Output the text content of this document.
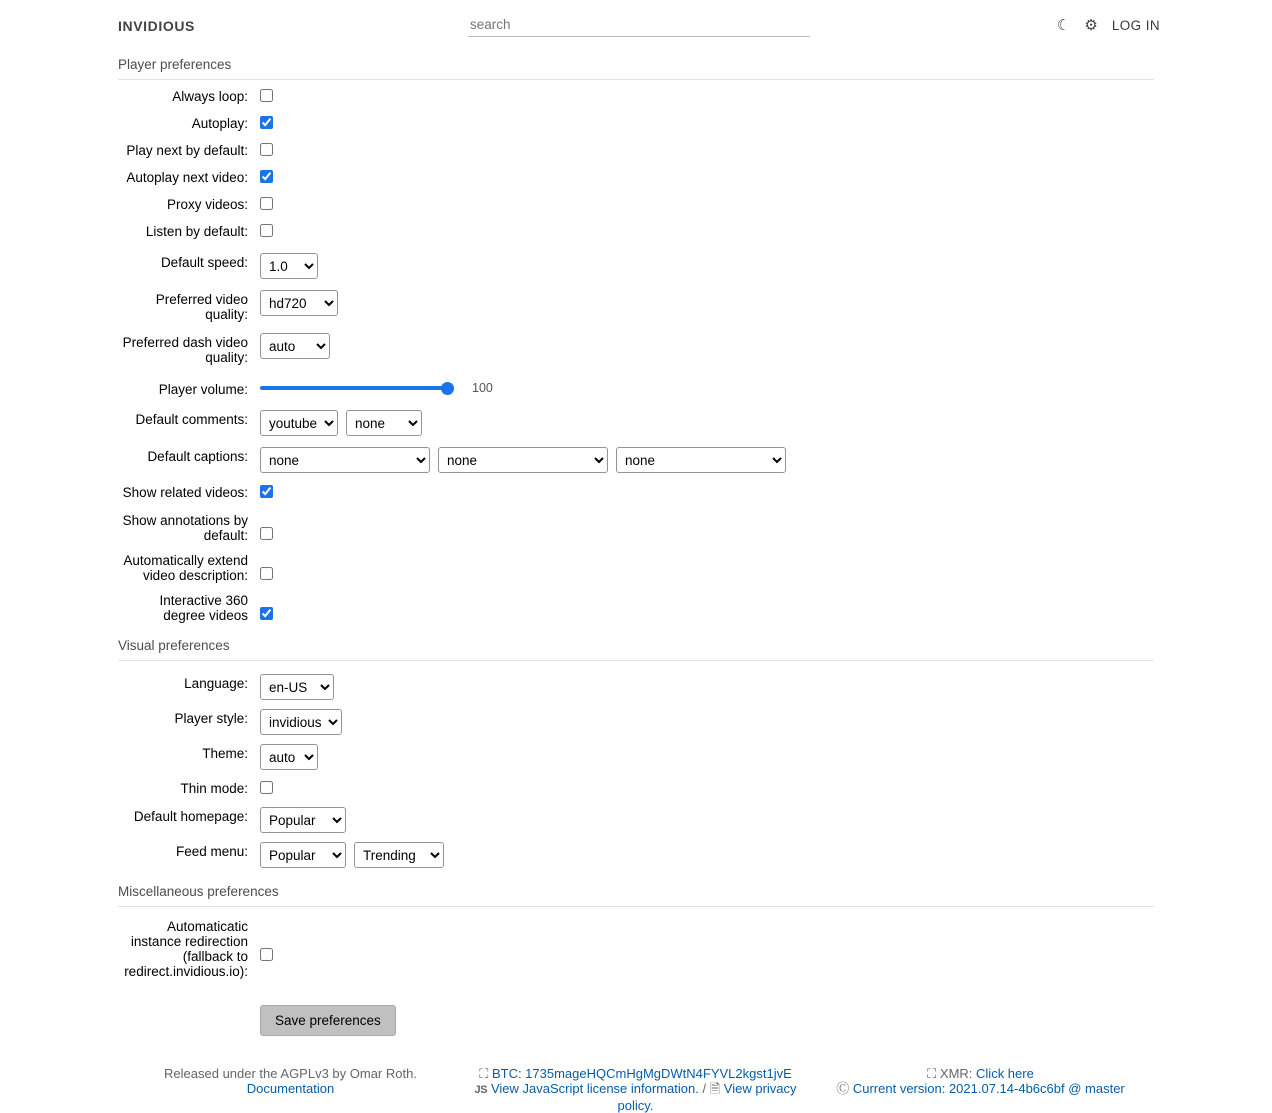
INVIDIOUS
search	☾ ⚙ LOG IN
Player preferences
Always loop:
Autoplay:
Play next by default:
Autoplay next video:
Proxy videos:
Listen by default:
Default speed:
1.0
Preferred video quality:
hd720
Preferred dash video quality:
auto
Player volume:	100
Default comments:
youtube
none
Default captions:
none
none
none
Show related videos:
Show annotations by default:
Automatically extend video description:
Interactive 360 degree videos
Visual preferences
Language:
en-US
Player style:
invidious
Theme:
auto
Thin mode:
Default homepage:
Popular
Feed menu:
Popular
Trending
Miscellaneous preferences
Automaticatic instance redirection (fallback to redirect.invidious.io):
Save preferences
Released under the AGPLv3 by Omar Roth.
Documentation
⛶ BTC: 1735mageHQCmHgMgDWtN4FYVL2kgst1jvE
JS View JavaScript license information. / 🗎 View privacy policy.
⛶ XMR: Click here
Ⓒ Current version: 2021.07.14-4b6c6bf @ master
